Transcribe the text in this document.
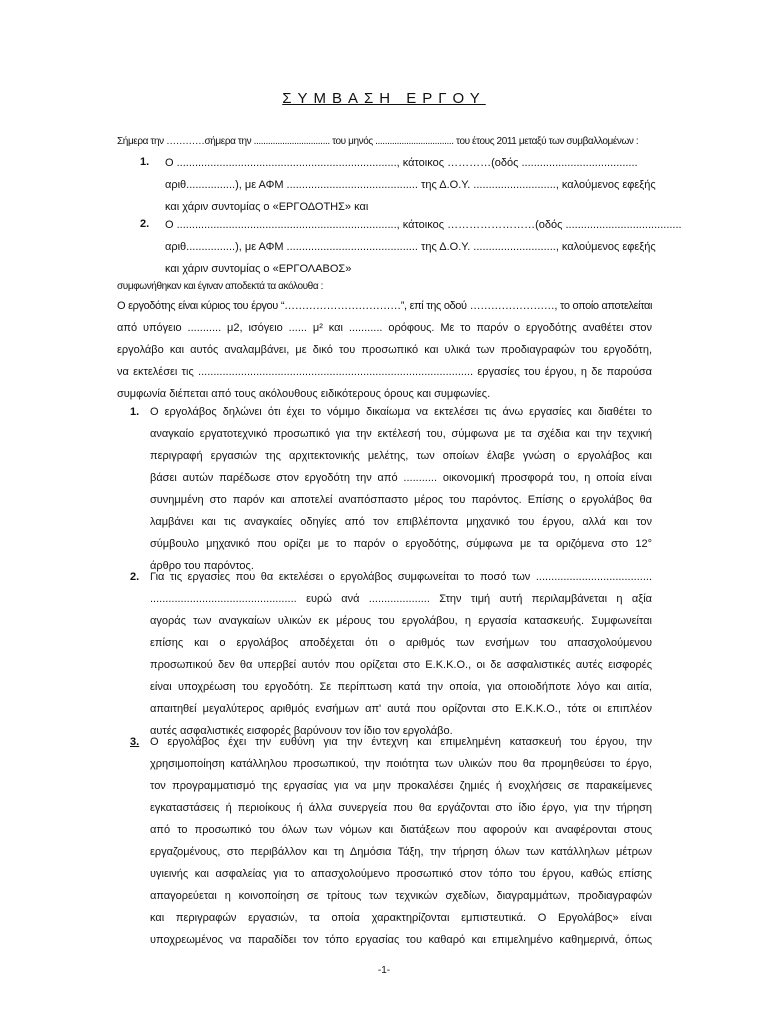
ΣΥΜΒΑΣΗ ΕΡΓΟΥ
Σήμερα την …………σήμερα την ................................ του μηνός ................................. του έτους 2011 μεταξύ των συμβαλλομένων :
1. Ο ........................................................................, κάτοικος …………(οδός ......................................
αριθ................), με ΑΦΜ ........................................... της Δ.Ο.Υ. ..........................., καλούμενος εφεξής
και χάριν συντομίας ο «ΕΡΓΟΔΟΤΗΣ» και
2. Ο ........................................................................, κάτοικος ……………………(οδός ......................................
αριθ................), με ΑΦΜ ........................................... της Δ.Ο.Υ. ..........................., καλούμενος εφεξής
και χάριν συντομίας ο «ΕΡΓΟΛΑΒΟΣ»
συμφωνήθηκαν και έγιναν αποδεκτά τα ακόλουθα :
Ο εργοδότης είναι κύριος του έργου “……………………………”, επί της οδού ……………………, το οποίο αποτελείται
από υπόγειο ........... μ2, ισόγειο ...... μ² και ........... ορόφους. Με το παρόν ο εργοδότης αναθέτει στον
εργολάβο και αυτός αναλαμβάνει, με δικό του προσωπικό και υλικά των προδιαγραφών του εργοδότη,
να εκτελέσει τις .......................................................................................... εργασίες του έργου, η δε παρούσα
συμφωνία διέπεται από τους ακόλουθους ειδικότερους όρους και συμφωνίες.
1. Ο εργολάβος δηλώνει ότι έχει το νόμιμο δικαίωμα να εκτελέσει τις άνω εργασίες και διαθέτει το
αναγκαίο εργατοτεχνικό προσωπικό για την εκτέλεσή του, σύμφωνα με τα σχέδια και την τεχνική
περιγραφή εργασιών της αρχιτεκτονικής μελέτης, των οποίων έλαβε γνώση ο εργολάβος και
βάσει αυτών παρέδωσε στον εργοδότη την από ........... οικονομική προσφορά του, η οποία είναι
συνημμένη στο παρόν και αποτελεί αναπόσπαστο μέρος του παρόντος. Επίσης ο εργολάβος θα
λαμβάνει και τις αναγκαίες οδηγίες από τον επιβλέποντα μηχανικό του έργου, αλλά και τον
σύμβουλο μηχανικό που ορίζει με το παρόν ο εργοδότης, σύμφωνα με τα οριζόμενα στο 12°
άρθρο του παρόντος.
2. Για τις εργασίες που θα εκτελέσει ο εργολάβος συμφωνείται το ποσό των ......................................
................................................ ευρώ ανά .................... Στην τιμή αυτή περιλαμβάνεται η αξία
αγοράς των αναγκαίων υλικών εκ μέρους του εργολάβου, η εργασία κατασκευής. Συμφωνείται
επίσης και ο εργολάβος αποδέχεται ότι ο αριθμός των ενσήμων του απασχολούμενου
προσωπικού δεν θα υπερβεί αυτόν που ορίζεται στο Ε.Κ.Κ.Ο., οι δε ασφαλιστικές αυτές εισφορές
είναι υποχρέωση του εργοδότη. Σε περίπτωση κατά την οποία, για οποιοδήποτε λόγο και αιτία,
απαιτηθεί μεγαλύτερος αριθμός ενσήμων απ' αυτά που ορίζονται στο Ε.Κ.Κ.Ο., τότε οι επιπλέον
αυτές ασφαλιστικές εισφορές βαρύνουν τον ίδιο τον εργολάβο.
3. Ο εργολάβος έχει την ευθύνη για την έντεχνη και επιμελημένη κατασκευή του έργου, την
χρησιμοποίηση κατάλληλου προσωπικού, την ποιότητα των υλικών που θα προμηθεύσει το έργο,
τον προγραμματισμό της εργασίας για να μην προκαλέσει ζημιές ή ενοχλήσεις σε παρακείμενες
εγκαταστάσεις ή περιοίκους ή άλλα συνεργεία που θα εργάζονται στο ίδιο έργο, για την τήρηση
από το προσωπικό του όλων των νόμων και διατάξεων που αφορούν και αναφέρονται στους
εργαζομένους, στο περιβάλλον και τη Δημόσια Τάξη, την τήρηση όλων των κατάλληλων μέτρων
υγιεινής και ασφαλείας για το απασχολούμενο προσωπικό στον τόπο του έργου, καθώς επίσης
απαγορεύεται η κοινοποίηση σε τρίτους των τεχνικών σχεδίων, διαγραμμάτων, προδιαγραφών
και περιγραφών εργασιών, τα οποία χαρακτηρίζονται εμπιστευτικά. Ο Εργολάβος» είναι
υποχρεωμένος να παραδίδει τον τόπο εργασίας του καθαρό και επιμελημένο καθημερινά, όπως
-1-
